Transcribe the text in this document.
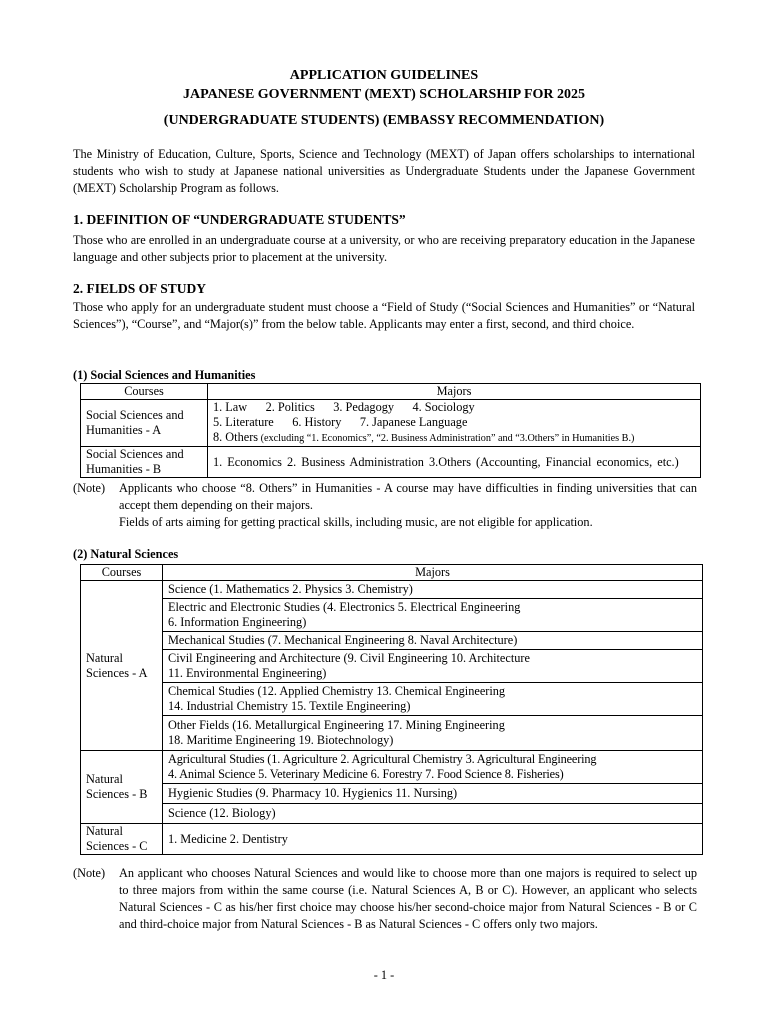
APPLICATION GUIDELINES
JAPANESE GOVERNMENT (MEXT) SCHOLARSHIP FOR 2025
(UNDERGRADUATE STUDENTS) (EMBASSY RECOMMENDATION)

The Ministry of Education, Culture, Sports, Science and Technology (MEXT) of Japan offers scholarships to international students who wish to study at Japanese national universities as Undergraduate Students under the Japanese Government (MEXT) Scholarship Program as follows.

1. DEFINITION OF “UNDERGRADUATE STUDENTS”

Those who are enrolled in an undergraduate course at a university, or who are receiving preparatory education in the Japanese language and other subjects prior to placement at the university.

2. FIELDS OF STUDY

Those who apply for an undergraduate student must choose a “Field of Study (“Social Sciences and Humanities” or “Natural Sciences”), “Course”, and “Major(s)” from the below table. Applicants may enter a first, second, and third choice.

(1) Social Sciences and Humanities
Courses	Majors
Social Sciences and Humanities - A	1. Law      2. Politics      3. Pedagogy      4. Sociology
5. Literature      6. History      7. Japanese Language
8. Others (excluding “1. Economics”, “2. Business Administration” and “3.Others” in Humanities B.)

Social Sciences and Humanities - B	1. Economics 2. Business Administration 3.Others (Accounting, Financial economics, etc.)
(Note) Applicants who choose “8. Others” in Humanities - A course may have difficulties in finding universities that can accept them depending on their majors.
Fields of arts aiming for getting practical skills, including music, are not eligible for application.
(2) Natural Sciences
Courses	Majors
Natural Sciences - A	Science (1. Mathematics 2. Physics 3. Chemistry)

	Electric and Electronic Studies (4. Electronics 5. Electrical Engineering
6. Information Engineering)

	Mechanical Studies (7. Mechanical Engineering 8. Naval Architecture)

	Civil Engineering and Architecture (9. Civil Engineering 10. Architecture
11. Environmental Engineering)

	Chemical Studies (12. Applied Chemistry 13. Chemical Engineering
14. Industrial Chemistry 15. Textile Engineering)

	Other Fields (16. Metallurgical Engineering 17. Mining Engineering
18. Maritime Engineering 19. Biotechnology)

Natural Sciences - B	Agricultural Studies (1. Agriculture 2. Agricultural Chemistry 3. Agricultural Engineering
4. Animal Science 5. Veterinary Medicine 6. Forestry 7. Food Science 8. Fisheries)

	Hygienic Studies (9. Pharmacy 10. Hygienics 11. Nursing)
	Science (12. Biology)
Natural Sciences - C	1. Medicine 2. Dentistry
(Note) An applicant who chooses Natural Sciences and would like to choose more than one majors is required to select up to three majors from within the same course (i.e. Natural Sciences A, B or C). However, an applicant who selects Natural Sciences - C as his/her first choice may choose his/her second-choice major from Natural Sciences - B or C and third-choice major from Natural Sciences - B as Natural Sciences - C offers only two majors.
- 1 -
